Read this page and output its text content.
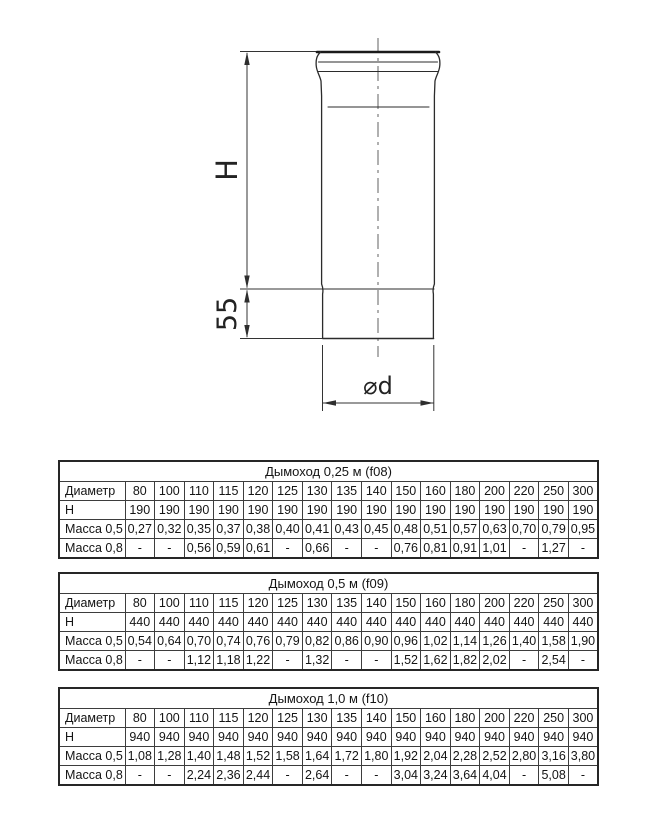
H
55
⌀d
Дымоход 0,25 м (f08)																
Диаметр	80	100	110	115	120	125	130	135	140	150	160	180	200	220	250	300
Н	190	190	190	190	190	190	190	190	190	190	190	190	190	190	190	190
Масса 0,5	0,27	0,32	0,35	0,37	0,38	0,40	0,41	0,43	0,45	0,48	0,51	0,57	0,63	0,70	0,79	0,95
Масса 0,8	-	-	0,56	0,59	0,61	-	0,66	-	-	0,76	0,81	0,91	1,01	-	1,27	-
Дымоход 0,5 м (f09)																
Диаметр	80	100	110	115	120	125	130	135	140	150	160	180	200	220	250	300
Н	440	440	440	440	440	440	440	440	440	440	440	440	440	440	440	440
Масса 0,5	0,54	0,64	0,70	0,74	0,76	0,79	0,82	0,86	0,90	0,96	1,02	1,14	1,26	1,40	1,58	1,90
Масса 0,8	-	-	1,12	1,18	1,22	-	1,32	-	-	1,52	1,62	1,82	2,02	-	2,54	-
Дымоход 1,0 м (f10)																
Диаметр	80	100	110	115	120	125	130	135	140	150	160	180	200	220	250	300
Н	940	940	940	940	940	940	940	940	940	940	940	940	940	940	940	940
Масса 0,5	1,08	1,28	1,40	1,48	1,52	1,58	1,64	1,72	1,80	1,92	2,04	2,28	2,52	2,80	3,16	3,80
Масса 0,8	-	-	2,24	2,36	2,44	-	2,64	-	-	3,04	3,24	3,64	4,04	-	5,08	-
